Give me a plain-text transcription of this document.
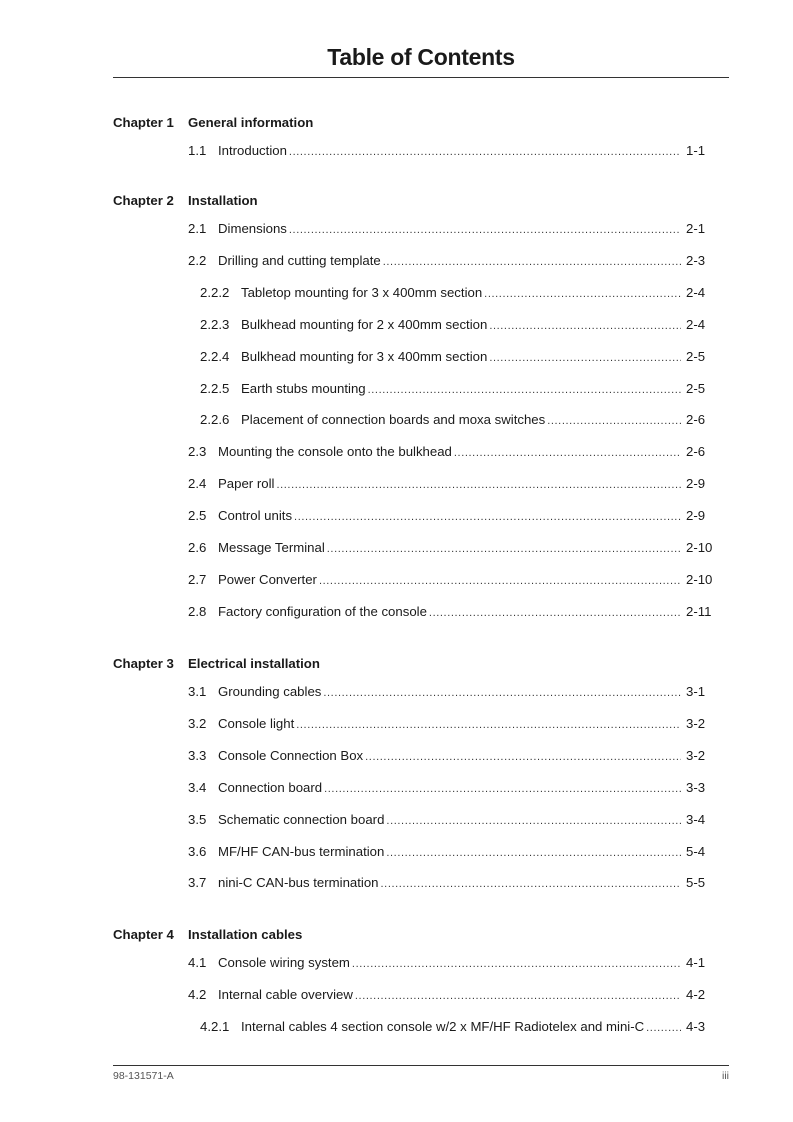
Table of Contents
Chapter 1 General information
1.1 Introduction .....	1-1
Chapter 2 Installation
2.1 Dimensions .....	2-1
2.2 Drilling and cutting template .....	2-3
2.2.2 Tabletop mounting for 3 x 400mm section .....	2-4
2.2.3 Bulkhead mounting for 2 x 400mm section .....	2-4
2.2.4 Bulkhead mounting for 3 x 400mm section .....	2-5
2.2.5 Earth stubs mounting .....	2-5
2.2.6 Placement of connection boards and moxa switches .....	2-6
2.3 Mounting the console onto the bulkhead .....	2-6
2.4 Paper roll .....	2-9
2.5 Control units .....	2-9
2.6 Message Terminal .....	2-10
2.7 Power Converter .....	2-10
2.8 Factory configuration of the console .....	2-11
Chapter 3 Electrical installation
3.1 Grounding cables .....	3-1
3.2 Console light .....	3-2
3.3 Console Connection Box .....	3-2
3.4 Connection board .....	3-3
3.5 Schematic connection board .....	3-4
3.6 MF/HF CAN-bus termination .....	5-4
3.7 nini-C CAN-bus termination .....	5-5
Chapter 4 Installation cables
4.1 Console wiring system .....	4-1
4.2 Internal cable overview .....	4-2
4.2.1 Internal cables 4 section console w/2 x MF/HF Radiotelex and mini-C .....	4-3
98-131571-A	iii
